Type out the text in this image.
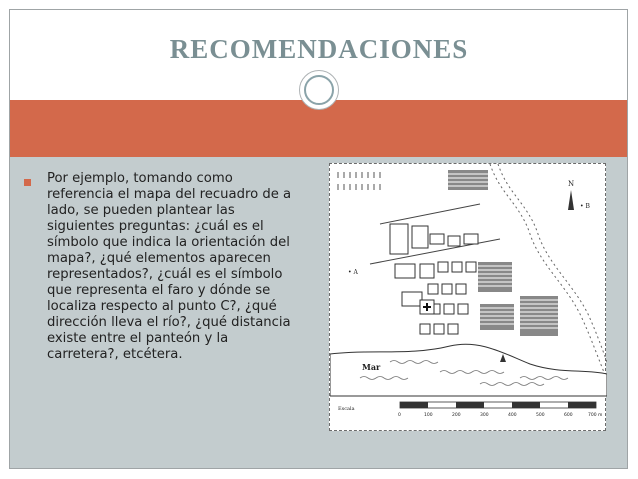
RECOMENDACIONES
Por ejemplo, tomando como referencia el mapa del recuadro de a lado, se pueden plantear las siguientes preguntas: ¿cuál es el símbolo que indica la orientación del mapa?, ¿qué elementos aparecen representados?, ¿cuál es el símbolo que representa el faro y dónde se localiza respecto al punto C?, ¿qué dirección lleva el río?, ¿qué distancia existe entre el panteón y la carretera?, etcétera.
N
• B
• A
Mar
Escala
0	100	200	300	400	500	600	700 m
